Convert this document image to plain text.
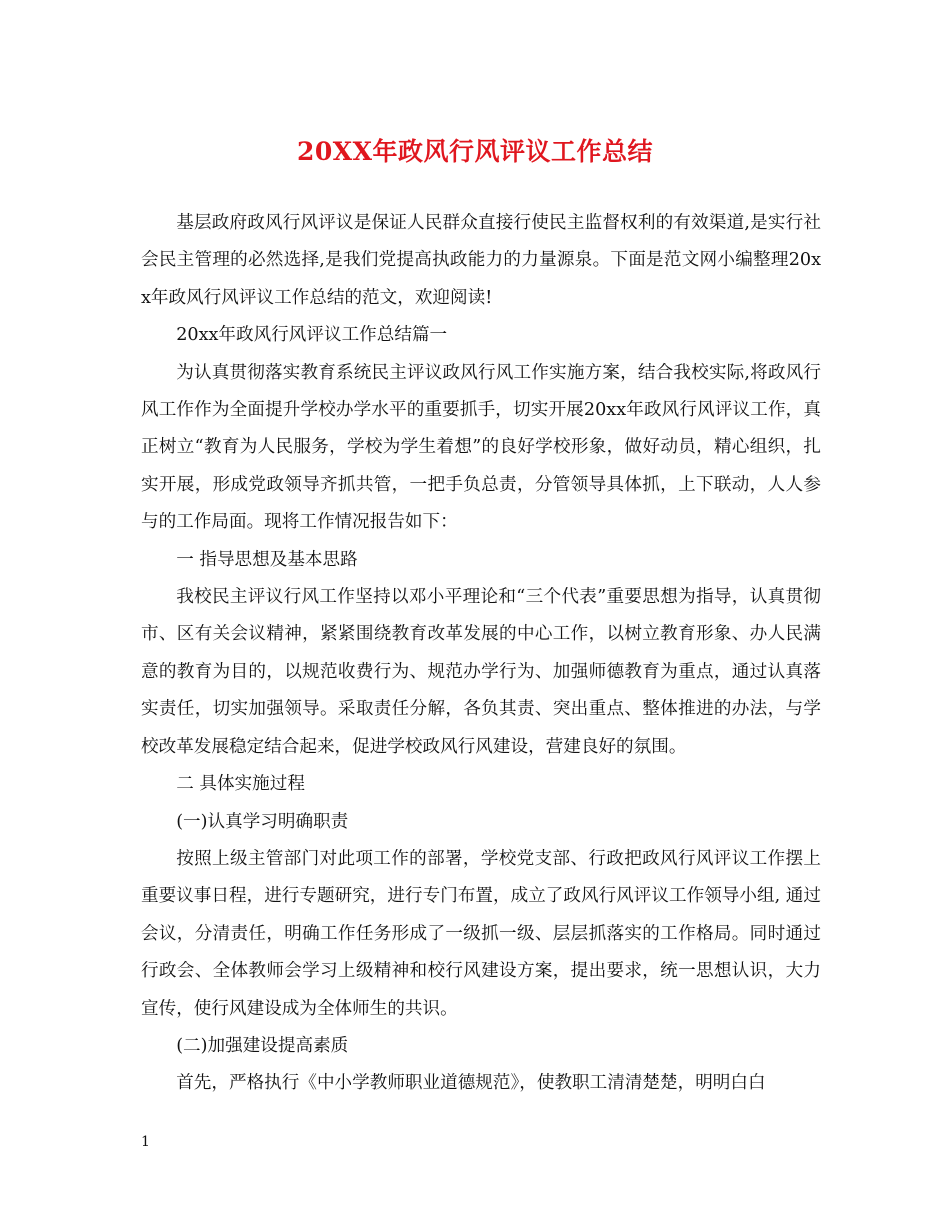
20XX年政风行风评议工作总结

基层政府政风行风评议是保证人民群众直接行使民主监督权利的有效渠道,是实行社会民主管理的必然选择,是我们党提高执政能力的力量源泉。下面是范文网小编整理20xx年政风行风评议工作总结的范文，欢迎阅读!

20xx年政风行风评议工作总结篇一

为认真贯彻落实教育系统民主评议政风行风工作实施方案，结合我校实际,将政风行风工作作为全面提升学校办学水平的重要抓手，切实开展20xx年政风行风评议工作，真正树立“教育为人民服务，学校为学生着想”的良好学校形象，做好动员，精心组织，扎实开展，形成党政领导齐抓共管，一把手负总责，分管领导具体抓，上下联动，人人参与的工作局面。现将工作情况报告如下：

一 指导思想及基本思路

我校民主评议行风工作坚持以邓小平理论和“三个代表”重要思想为指导，认真贯彻市、区有关会议精神，紧紧围绕教育改革发展的中心工作，以树立教育形象、办人民满意的教育为目的，以规范收费行为、规范办学行为、加强师德教育为重点，通过认真落实责任，切实加强领导。采取责任分解，各负其责、突出重点、整体推进的办法，与学校改革发展稳定结合起来，促进学校政风行风建设，营建良好的氛围。

二 具体实施过程

(一)认真学习明确职责

按照上级主管部门对此项工作的部署，学校党支部、行政把政风行风评议工作摆上重要议事日程，进行专题研究，进行专门布置，成立了政风行风评议工作领导小组, 通过会议，分清责任，明确工作任务形成了一级抓一级、层层抓落实的工作格局。同时通过行政会、全体教师会学习上级精神和校行风建设方案，提出要求，统一思想认识，大力宣传，使行风建设成为全体师生的共识。

(二)加强建设提高素质

首先，严格执行《中小学教师职业道德规范》，使教职工清清楚楚，明明白白

1
